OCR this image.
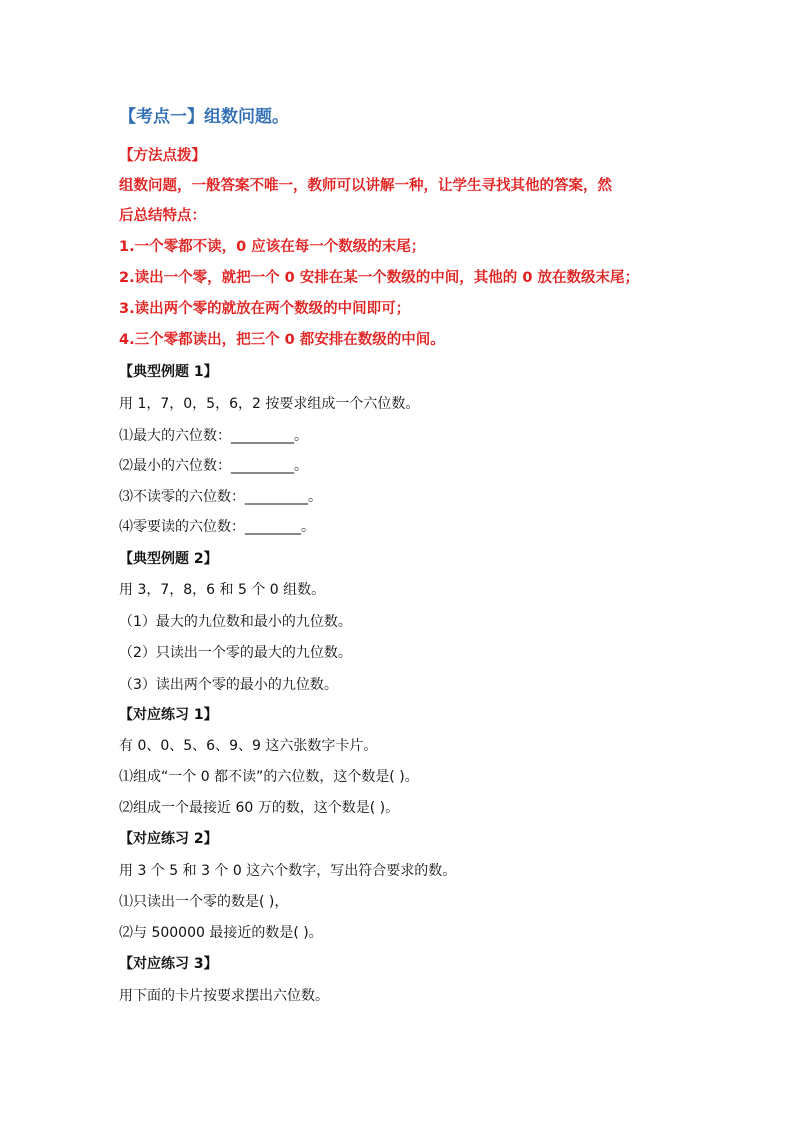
【考点一】组数问题。
【方法点拨】
组数问题，一般答案不唯一，教师可以讲解一种，让学生寻找其他的答案，然
后总结特点：
1.一个零都不读，0 应该在每一个数级的末尾；
2.读出一个零，就把一个 0 安排在某一个数级的中间，其他的 0 放在数级末尾；
3.读出两个零的就放在两个数级的中间即可；
4.三个零都读出，把三个 0 都安排在数级的中间。
【典型例题 1】
用 1，7，0，5，6，2 按要求组成一个六位数。
⑴最大的六位数：_________。
⑵最小的六位数：_________。
⑶不读零的六位数：_________。
⑷零要读的六位数：________。
【典型例题 2】
用 3，7，8，6 和 5 个 0 组数。
（1）最大的九位数和最小的九位数。
（2）只读出一个零的最大的九位数。
（3）读出两个零的最小的九位数。
【对应练习 1】
有 0、0、5、6、9、9 这六张数字卡片。
⑴组成“一个 0 都不读”的六位数，这个数是( )。
⑵组成一个最接近 60 万的数，这个数是( )。
【对应练习 2】
用 3 个 5 和 3 个 0 这六个数字，写出符合要求的数。
⑴只读出一个零的数是( )，
⑵与 500000 最接近的数是( )。
【对应练习 3】
用下面的卡片按要求摆出六位数。
